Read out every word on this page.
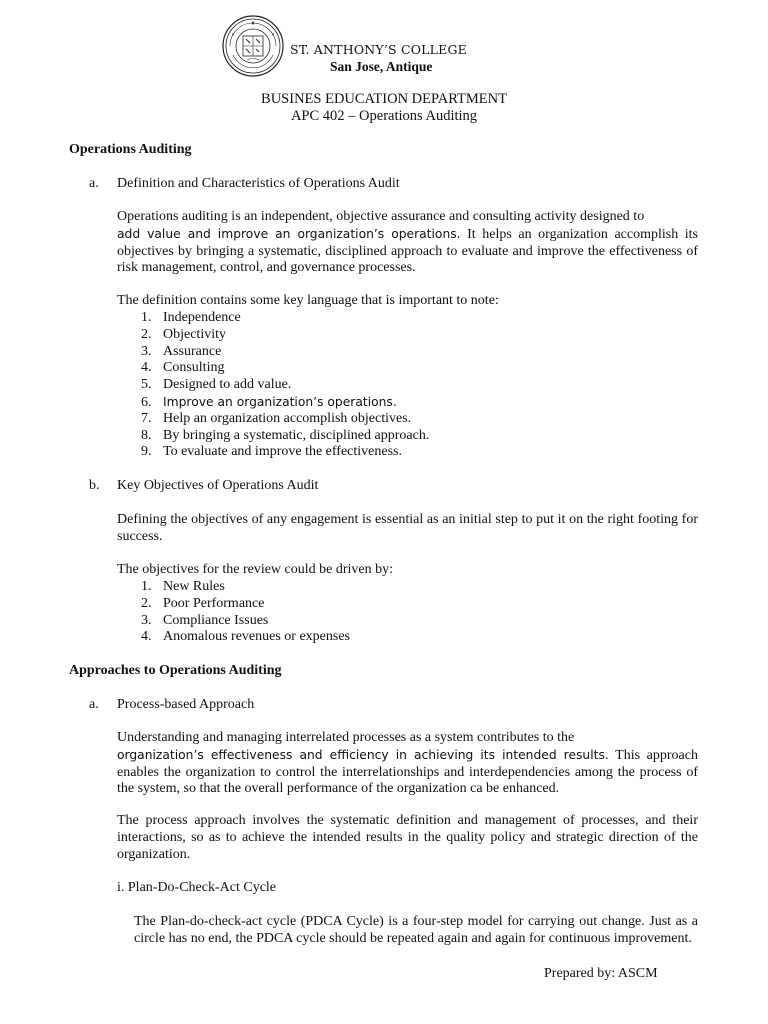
ST. ANTHONY’S COLLEGE
San Jose, Antique
BUSINES EDUCATION DEPARTMENT
APC 402 – Operations Auditing
Operations Auditing
a. Definition and Characteristics of Operations Audit

Operations auditing is an independent, objective assurance and consulting activity designed to

add value and improve an organization’s operations. It helps an organization accomplish its objectives by bringing a systematic, disciplined approach to evaluate and improve the effectiveness of risk management, control, and governance processes.

The definition contains some key language that is important to note:
1. Independence
2. Objectivity
3. Assurance
4. Consulting
5. Designed to add value.
6. Improve an organization’s operations.
7. Help an organization accomplish objectives.
8. By bringing a systematic, disciplined approach.
9. To evaluate and improve the effectiveness.
b. Key Objectives of Operations Audit

Defining the objectives of any engagement is essential as an initial step to put it on the right footing for success.

The objectives for the review could be driven by:
1. New Rules
2. Poor Performance
3. Compliance Issues
4. Anomalous revenues or expenses
Approaches to Operations Auditing
a. Process-based Approach

Understanding and managing interrelated processes as a system contributes to the

organization’s effectiveness and efficiency in achieving its intended results. This approach enables the organization to control the interrelationships and interdependencies among the process of the system, so that the overall performance of the organization ca be enhanced.

The process approach involves the systematic definition and management of processes, and their interactions, so as to achieve the intended results in the quality policy and strategic direction of the organization.

i. Plan-Do-Check-Act Cycle

The Plan-do-check-act cycle (PDCA Cycle) is a four-step model for carrying out change. Just as a circle has no end, the PDCA cycle should be repeated again and again for continuous improvement.

Prepared by: ASCM
